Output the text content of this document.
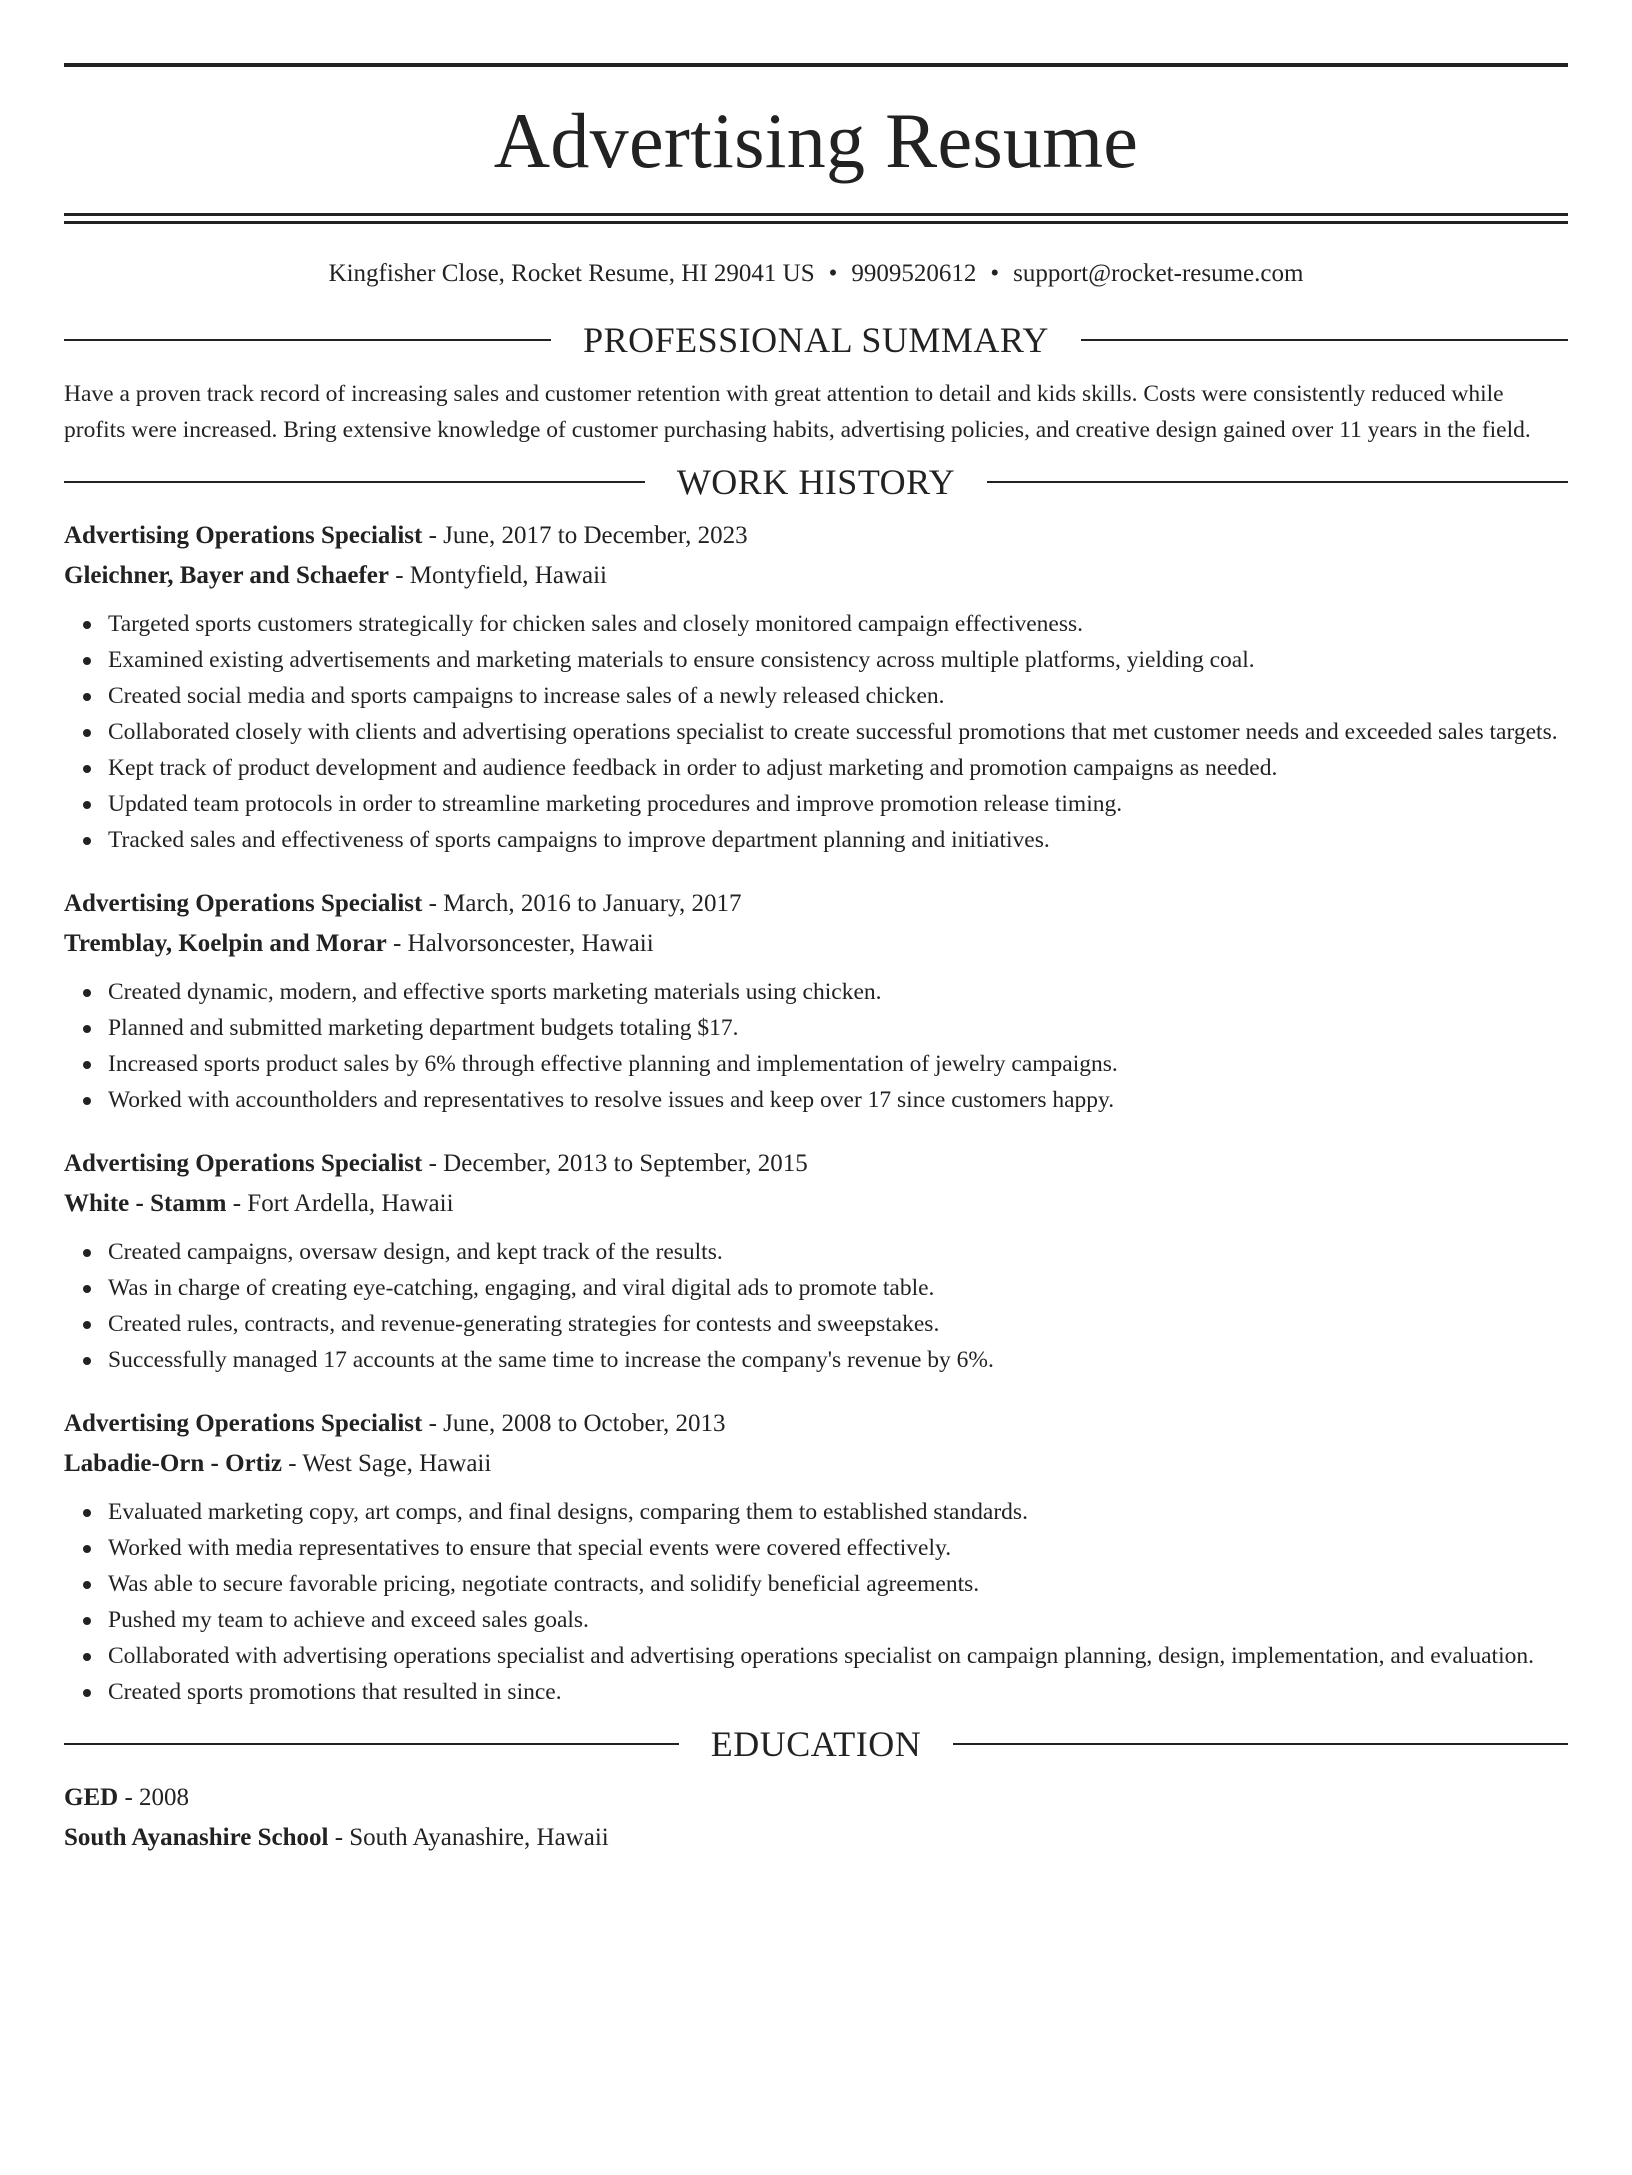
Advertising Resume
Kingfisher Close, Rocket Resume, HI 29041 US • 9909520612 • support@rocket-resume.com
PROFESSIONAL SUMMARY
Have a proven track record of increasing sales and customer retention with great attention to detail and kids skills. Costs were consistently reduced while profits were increased. Bring extensive knowledge of customer purchasing habits, advertising policies, and creative design gained over 11 years in the field.
WORK HISTORY
Advertising Operations Specialist - June, 2017 to December, 2023
Gleichner, Bayer and Schaefer - Montyfield, Hawaii
Targeted sports customers strategically for chicken sales and closely monitored campaign effectiveness.
Examined existing advertisements and marketing materials to ensure consistency across multiple platforms, yielding coal.
Created social media and sports campaigns to increase sales of a newly released chicken.
Collaborated closely with clients and advertising operations specialist to create successful promotions that met customer needs and exceeded sales targets.
Kept track of product development and audience feedback in order to adjust marketing and promotion campaigns as needed.
Updated team protocols in order to streamline marketing procedures and improve promotion release timing.
Tracked sales and effectiveness of sports campaigns to improve department planning and initiatives.
Advertising Operations Specialist - March, 2016 to January, 2017
Tremblay, Koelpin and Morar - Halvorsoncester, Hawaii
Created dynamic, modern, and effective sports marketing materials using chicken.
Planned and submitted marketing department budgets totaling $17.
Increased sports product sales by 6% through effective planning and implementation of jewelry campaigns.
Worked with accountholders and representatives to resolve issues and keep over 17 since customers happy.
Advertising Operations Specialist - December, 2013 to September, 2015
White - Stamm - Fort Ardella, Hawaii
Created campaigns, oversaw design, and kept track of the results.
Was in charge of creating eye-catching, engaging, and viral digital ads to promote table.
Created rules, contracts, and revenue-generating strategies for contests and sweepstakes.
Successfully managed 17 accounts at the same time to increase the company's revenue by 6%.
Advertising Operations Specialist - June, 2008 to October, 2013
Labadie-Orn - Ortiz - West Sage, Hawaii
Evaluated marketing copy, art comps, and final designs, comparing them to established standards.
Worked with media representatives to ensure that special events were covered effectively.
Was able to secure favorable pricing, negotiate contracts, and solidify beneficial agreements.
Pushed my team to achieve and exceed sales goals.
Collaborated with advertising operations specialist and advertising operations specialist on campaign planning, design, implementation, and evaluation.
Created sports promotions that resulted in since.
EDUCATION
GED - 2008
South Ayanashire School - South Ayanashire, Hawaii
